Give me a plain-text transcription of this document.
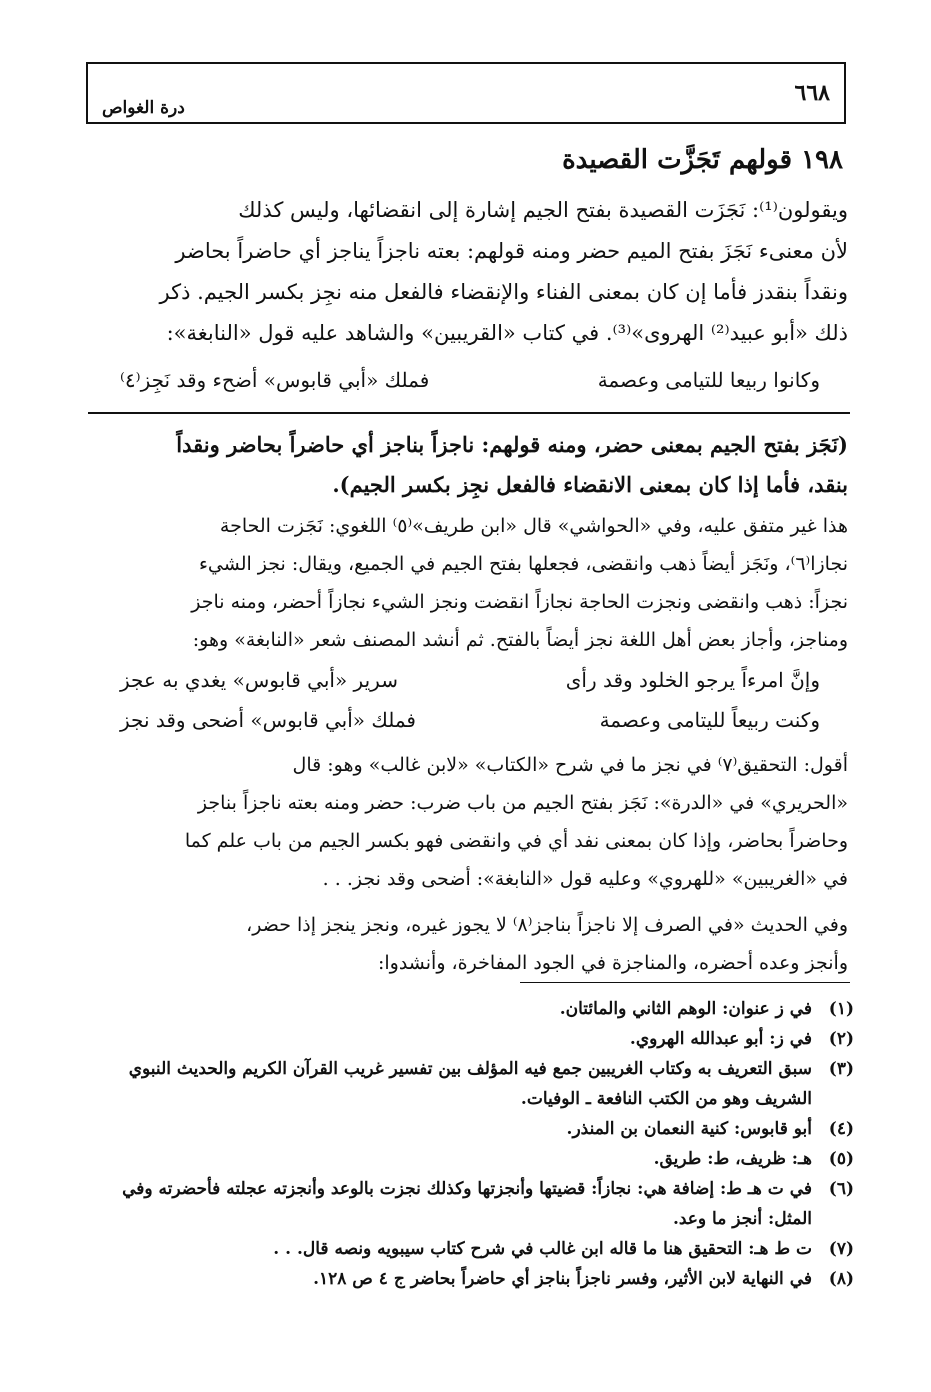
٦٦٨
درة الغواص
١٩٨ قولهم تَجَزَّت القصيدة
ويقولون⁽¹⁾: نَجَزَت القصيدة بفتح الجيم إشارة إلى انقضائها، وليس كذلك
لأن معنىء نَجَزَ بفتح الميم حضر ومنه قولهم: بعته ناجزاً يناجز أي حاضراً بحاضر
ونقداً بنقدز فأما إن كان بمعنى الفناء والإنقضاء فالفعل منه نجِز بكسر الجيم. ذكر
ذلك «أبو عبيد⁽²⁾ الهروى»⁽³⁾. في كتاب «القريبين» والشاهد عليه قول «النابغة»:
وكانوا ربيعا للتيامى وعصمة
فملك «أبي قابوس» أضحء وقد نَجِز⁽٤⁾
(نَجَز بفتح الجيم بمعنى حضر، ومنه قولهم: ناجزاً بناجز أي حاضراً بحاضر ونقداً
بنقد، فأما إذا كان بمعنى الانقضاء فالفعل نجِز بكسر الجيم).
هذا غير متفق عليه، وفي «الحواشي» قال «ابن طريف»⁽٥⁾ اللغوي: نَجَزت الحاجة
نجازا⁽٦⁾، ونَجَز أيضاً ذهب وانقضى، فجعلها بفتح الجيم في الجميع، ويقال: نجز الشيء
نجزاً: ذهب وانقضى ونجزت الحاجة نجازاً انقضت ونجز الشيء نجازاً أحضر، ومنه ناجز
ومناجز، وأجاز بعض أهل اللغة نجز أيضاً بالفتح. ثم أنشد المصنف شعر «النابغة» وهو:
وإنَّ امرءاً يرجو الخلود وقد رأى
سرير «أبي قابوس» يغدي به عجز
وكنت ربيعاً لليتامى وعصمة
فملك «أبي قابوس» أضحى وقد نجز
أقول: التحقيق⁽٧⁾ في نجز ما في شرح «الكتاب» «لابن غالب» وهو: قال
«الحريري» في «الدرة»: نَجَز بفتح الجيم من باب ضرب: حضر ومنه بعته ناجزاً بناجز
وحاضراً بحاضر، وإذا كان بمعنى نفد أي في وانقضى فهو بكسر الجيم من باب علم كما
في «الغريبين» «للهروي» وعليه قول «النابغة»: أضحى وقد نجز. . .
وفي الحديث «في الصرف إلا ناجزاً بناجز⁽٨⁾ لا يجوز غيره، ونجز ينجز إذا حضر،
وأنجز وعده أحضره، والمناجزة في الجود المفاخرة، وأنشدوا:
(١)
في ز عنوان: الوهم الثاني والمائتان.
(٢)
في ز: أبو عبدالله الهروي.
(٣)
سبق التعريف به وكتاب الغريبين جمع فيه المؤلف بين تفسير غريب القرآن الكريم والحديث النبوي الشريف وهو من الكتب النافعة ـ الوفيات.
(٤)
أبو قابوس: كنية النعمان بن المنذر.
(٥)
هـ: ظريف، ط: طريق.
(٦)
في ت هـ ط: إضافة هي: نجازاً: قضيتها وأنجزتها وكذلك نجزت بالوعد وأنجزته عجلته فأحضرته وفي المثل: أنجز ما وعد.
(٧)
ت ط هـ: التحقيق هنا ما قاله ابن غالب في شرح كتاب سيبويه ونصه قال. . .
(٨)
في النهاية لابن الأثير، وفسر ناجزاً بناجز أي حاضراً بحاضر ج ٤ ص ١٢٨.
